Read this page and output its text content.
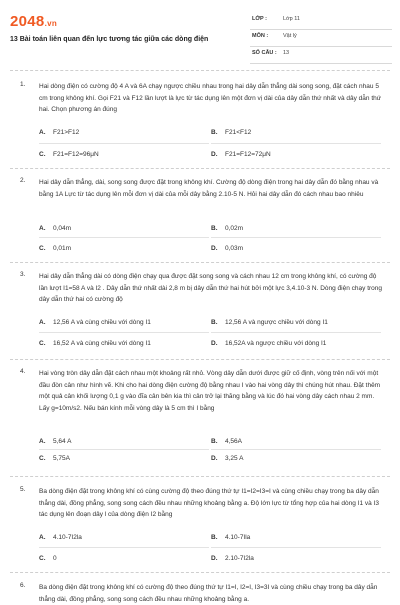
2048.vn
13 Bài toán liên quan đến lực tương tác giữa các dòng điện
LỚP :	Lớp 11
MÔN :	Vật lý
SỐ CÂU : 13
1. Hai dòng điện có cường độ 4 A và 6A chạy ngược chiều nhau trong hai dây dẫn thẳng dài song song, đặt cách nhau 5 cm trong không khí. Gọi F21 và F12 lần lượt là lực từ tác dụng lên một đơn vị dài của dây dẫn thứ nhất và dây dẫn thứ hai. Chọn phương án đúng
A. F21>F12	B. F21<F12
C. F21=F12=96μN	D. F21=F12=72μN
2. Hai dây dẫn thẳng, dài, song song được đặt trong không khí. Cường độ dòng điện trong hai dây dẫn đó bằng nhau và bằng 1A Lực từ tác dụng lên mỗi đơn vị dài của mỗi dây bằng 2.10-5 N. Hỏi hai dây dẫn đó cách nhau bao nhiêu
A. 0,04m	B. 0,02m
C. 0,01m	D. 0,03m
3. Hai dây dẫn thẳng dài có dòng điện chạy qua được đặt song song và cách nhau 12 cm trong không khí, có cường độ lần lượt I1=58 A và I2 . Dây dẫn thứ nhất dài 2,8 m bị dây dẫn thứ hai hút bởi một lực 3,4.10-3 N. Dòng điện chạy trong dây dẫn thứ hai có cường độ
A. 12,56 A và cùng chiều với dòng I1	B. 12,56 A và ngược chiều với dòng I1
C. 16,52 A và cùng chiều với dòng I1	D. 16,52A và ngược chiều với dòng I1
4. Hai vòng tròn dây dẫn đặt cách nhau một khoảng rất nhỏ. Vòng dây dẫn dưới được giữ cố định, vòng trên nối với một đầu đòn cân như hình vẽ. Khi cho hai dòng điện cường độ bằng nhau I vào hai vòng dây thì chúng hút nhau. Đặt thêm một quả cân khối lượng 0,1 g vào đĩa cân bên kia thì cân trở lại thăng bằng và lúc đó hai vòng dây cách nhau 2 mm. Lấy g=10m/s2. Nếu bán kính mỗi vòng dây là 5 cm thì I bằng
A. 5,64 A	B. 4,56A
C. 5,75A	D. 3,25 A
5. Ba dòng điện đặt trong không khí có cùng cường độ theo đúng thứ tự I1=I2=I3=I và cùng chiều chạy trong ba dây dẫn thẳng dài, đồng phẳng, song song cách đều nhau những khoảng bằng a. Độ lớn lực từ tổng hợp của hai dòng I1 và I3 tác dụng lên đoạn dây l của dòng điện I2 bằng
A. 4.10-7I2la	B. 4.10-7Ila
C. 0	D. 2.10-7I2la
6. Ba dòng điện đặt trong không khí có cường độ theo đúng thứ tự I1=I, I2=I, I3=3I và cùng chiều chạy trong ba dây dẫn thẳng dài, đồng phẳng, song song cách đều nhau những khoảng bằng a.
